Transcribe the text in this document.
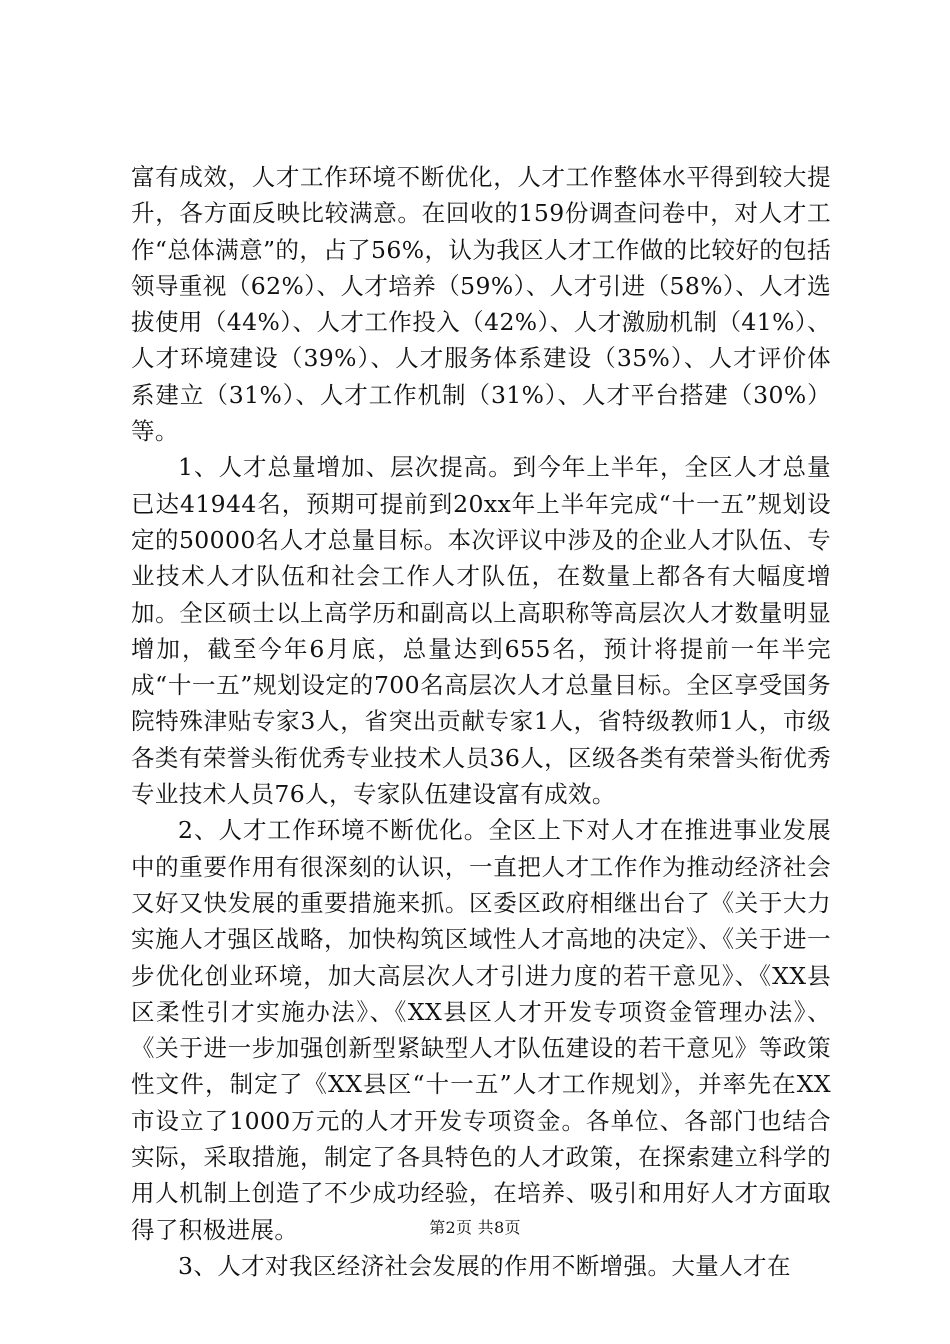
富有成效，人才工作环境不断优化，人才工作整体水平得到较大提升，各方面反映比较满意。在回收的159份调查问卷中，对人才工作“总体满意”的，占了56%，认为我区人才工作做的比较好的包括领导重视（62%）、人才培养（59%）、人才引进（58%）、人才选拔使用（44%）、人才工作投入（42%）、人才激励机制（41%）、人才环境建设（39%）、人才服务体系建设（35%）、人才评价体系建立（31%）、人才工作机制（31%）、人才平台搭建（30%）等。

1、人才总量增加、层次提高。到今年上半年，全区人才总量已达41944名，预期可提前到20xx年上半年完成“十一五”规划设定的50000名人才总量目标。本次评议中涉及的企业人才队伍、专业技术人才队伍和社会工作人才队伍，在数量上都各有大幅度增加。全区硕士以上高学历和副高以上高职称等高层次人才数量明显增加，截至今年6月底，总量达到655名，预计将提前一年半完成“十一五”规划设定的700名高层次人才总量目标。全区享受国务院特殊津贴专家3人，省突出贡献专家1人，省特级教师1人，市级各类有荣誉头衔优秀专业技术人员36人，区级各类有荣誉头衔优秀专业技术人员76人，专家队伍建设富有成效。

2、人才工作环境不断优化。全区上下对人才在推进事业发展中的重要作用有很深刻的认识，一直把人才工作作为推动经济社会又好又快发展的重要措施来抓。区委区政府相继出台了《关于大力实施人才强区战略，加快构筑区域性人才高地的决定》、《关于进一步优化创业环境，加大高层次人才引进力度的若干意见》、《XX县区柔性引才实施办法》、《XX县区人才开发专项资金管理办法》、《关于进一步加强创新型紧缺型人才队伍建设的若干意见》等政策性文件，制定了《XX县区“十一五”人才工作规划》，并率先在XX市设立了1000万元的人才开发专项资金。各单位、各部门也结合实际，采取措施，制定了各具特色的人才政策，在探索建立科学的用人机制上创造了不少成功经验，在培养、吸引和用好人才方面取得了积极进展。

3、人才对我区经济社会发展的作用不断增强。大量人才在

第2页 共8页
